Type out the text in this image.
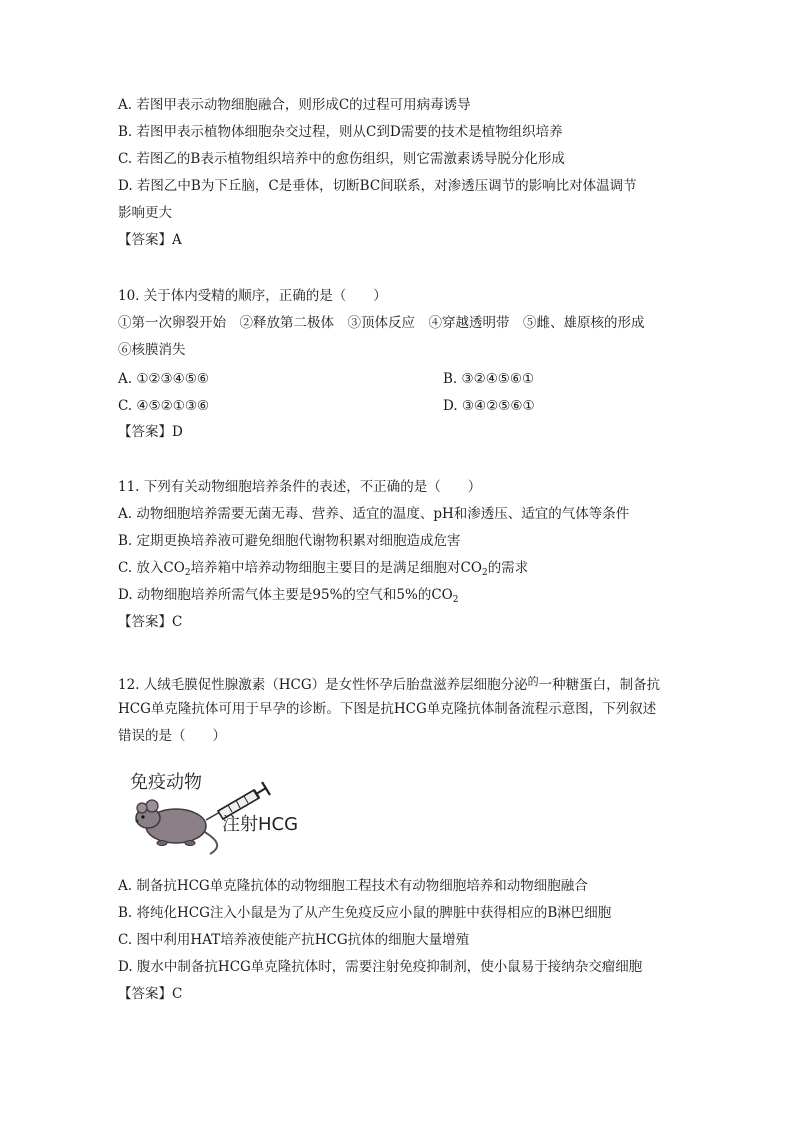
A. 若图甲表示动物细胞融合，则形成C的过程可用病毒诱导
B. 若图甲表示植物体细胞杂交过程，则从C到D需要的技术是植物组织培养
C. 若图乙的B表示植物组织培养中的愈伤组织，则它需激素诱导脱分化形成
D. 若图乙中B为下丘脑，C是垂体，切断BC间联系，对渗透压调节的影响比对体温调节
影响更大
【答案】A
10. 关于体内受精的顺序，正确的是（　　）
①第一次卵裂开始　②释放第二极体　③顶体反应　④穿越透明带　⑤雌、雄原核的形成
⑥核膜消失
A. ①②③④⑤⑥	B. ③②④⑤⑥①
C. ④⑤②①③⑥	D. ③④②⑤⑥①
【答案】D
11. 下列有关动物细胞培养条件的表述，不正确的是（　　）
A. 动物细胞培养需要无菌无毒、营养、适宜的温度、pH和渗透压、适宜的气体等条件
B. 定期更换培养液可避免细胞代谢物积累对细胞造成危害
C. 放入$CO_2$培养箱中培养动物细胞主要目的是满足细胞对$CO_2$的需求
D. 动物细胞培养所需气体主要是95%的空气和5%的$CO_2$
【答案】C
12. 人绒毛膜促性腺激素（HCG）是女性怀孕后胎盘滋养层细胞分泌$^的$一种糖蛋白，制备抗
HCG单克隆抗体可用于早孕的诊断。下图是抗HCG单克隆抗体制备流程示意图，下列叙述
错误的是（　　）
免疫动物
注射HCG
A. 制备抗HCG单克隆抗体的动物细胞工程技术有动物细胞培养和动物细胞融合
B. 将纯化HCG注入小鼠是为了从产生免疫反应小鼠的脾脏中获得相应的B淋巴细胞
C. 图中利用HAT培养液使能产抗HCG抗体的细胞大量增殖
D. 腹水中制备抗HCG单克隆抗体时，需要注射免疫抑制剂，使小鼠易于接纳杂交瘤细胞
【答案】C
